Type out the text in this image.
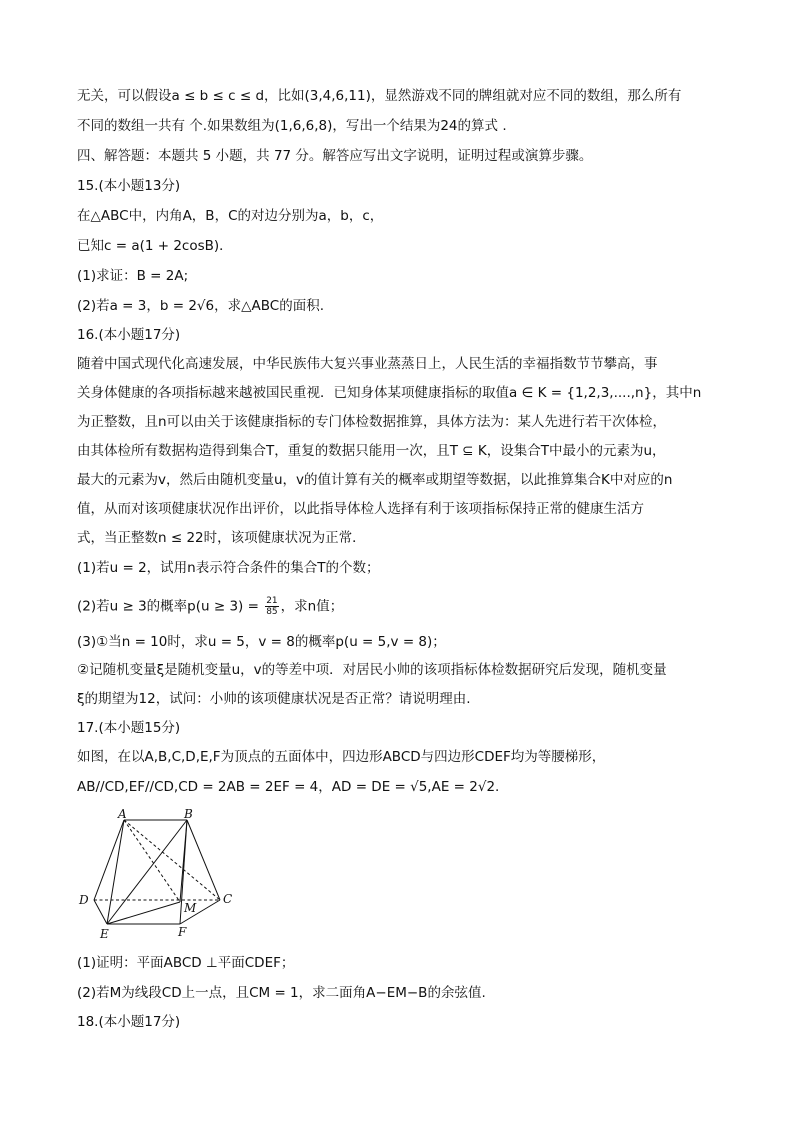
无关，可以假设a ≤ b ≤ c ≤ d，比如(3,4,6,11)，显然游戏不同的牌组就对应不同的数组，那么所有
不同的数组一共有 个.如果数组为(1,6,6,8)，写出一个结果为24的算式 .
四、解答题：本题共 5 小题，共 77 分。解答应写出文字说明，证明过程或演算步骤。
15.(本小题13分)
在△ABC中，内角A，B，C的对边分别为a，b，c，
已知c = a(1 + 2cosB)．
(1)求证：B = 2A;
(2)若a = 3，b = 2√6，求△ABC的面积.
16.(本小题17分)
随着中国式现代化高速发展，中华民族伟大复兴事业蒸蒸日上，人民生活的幸福指数节节攀高，事
关身体健康的各项指标越来越被国民重视．已知身体某项健康指标的取值a ∈ K = {1,2,3,....,n}，其中n
为正整数，且n可以由关于该健康指标的专门体检数据推算，具体方法为：某人先进行若干次体检，
由其体检所有数据构造得到集合T，重复的数据只能用一次，且T ⊆ K，设集合T中最小的元素为u，
最大的元素为v，然后由随机变量u，v的值计算有关的概率或期望等数据，以此推算集合K中对应的n
值，从而对该项健康状况作出评价，以此指导体检人选择有利于该项指标保持正常的健康生活方
式，当正整数n ≤ 22时，该项健康状况为正常．
(1)若u = 2，试用n表示符合条件的集合T的个数；
(2)若u ≥ 3的概率$p(u \ge 3) = \frac{21}{85}$ ，求n值；
(3)①当n = 10时，求u = 5，v = 8的概率p(u = 5,v = 8)；
②记随机变量ξ是随机变量u，v的等差中项．对居民小帅的该项指标体检数据研究后发现，随机变量
ξ的期望为12，试问：小帅的该项健康状况是否正常？请说明理由.
17.(本小题15分)
如图，在以A,B,C,D,E,F为顶点的五面体中，四边形ABCD与四边形CDEF均为等腰梯形，
AB//CD,EF//CD,CD = 2AB = 2EF = 4，AD = DE = √5,AE = 2√2.
A	B
C
D
E	F
M
(1)证明：平面ABCD ⊥平面CDEF；
(2)若M为线段CD上一点，且CM = 1，求二面角A−EM−B的余弦值.
18.(本小题17分)
